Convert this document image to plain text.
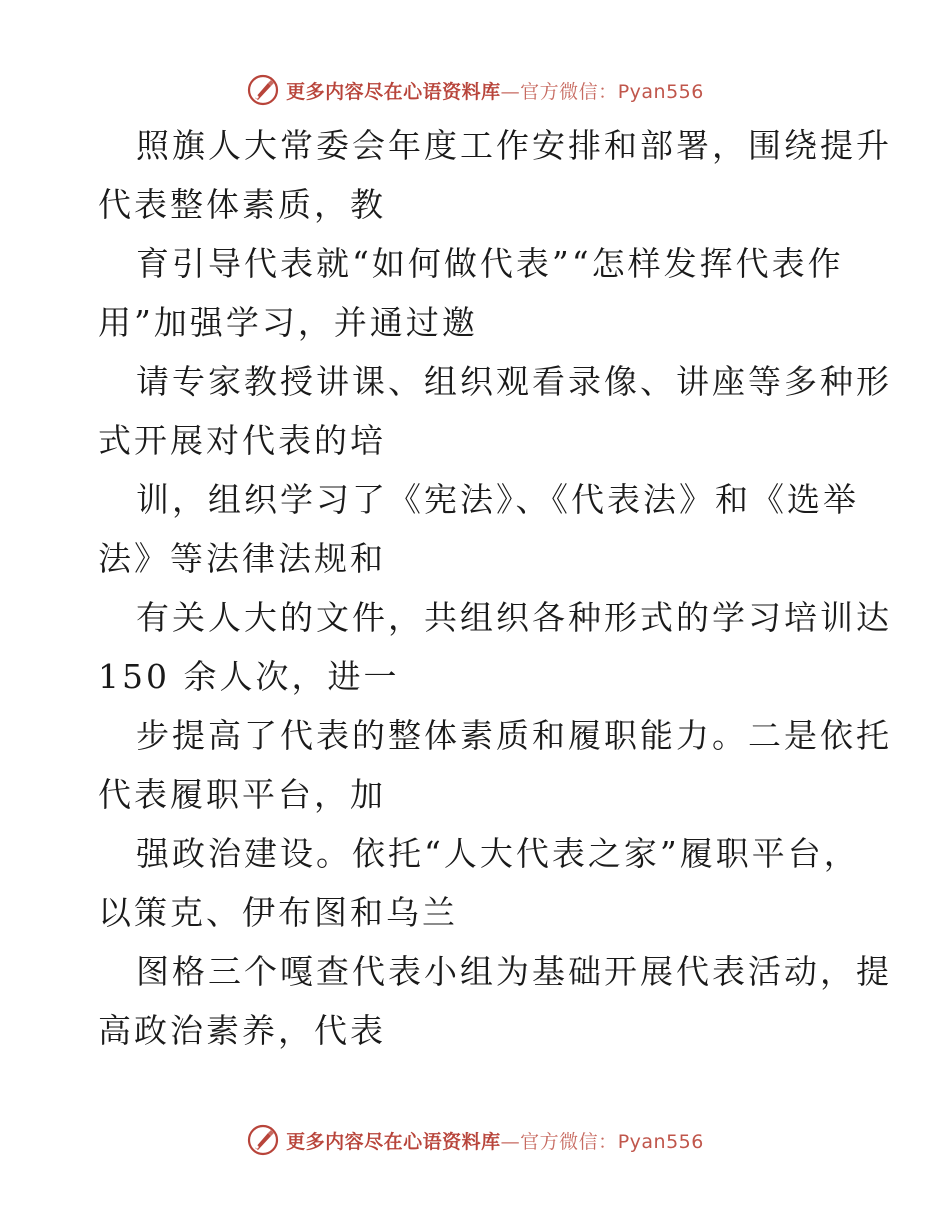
更多内容尽在心语资料库—官方微信：Pyan556

照旗人大常委会年度工作安排和部署，围绕提升
代表整体素质，教

育引导代表就“如何做代表”“怎样发挥代表作
用”加强学习，并通过邀

请专家教授讲课、组织观看录像、讲座等多种形
式开展对代表的培

训，组织学习了《宪法》、《代表法》和《选举
法》等法律法规和

有关人大的文件，共组织各种形式的学习培训达
150 余人次，进一

步提高了代表的整体素质和履职能力。二是依托
代表履职平台，加

强政治建设。依托“人大代表之家”履职平台，
以策克、伊布图和乌兰

图格三个嘎查代表小组为基础开展代表活动，提
高政治素养，代表

更多内容尽在心语资料库—官方微信：Pyan556
